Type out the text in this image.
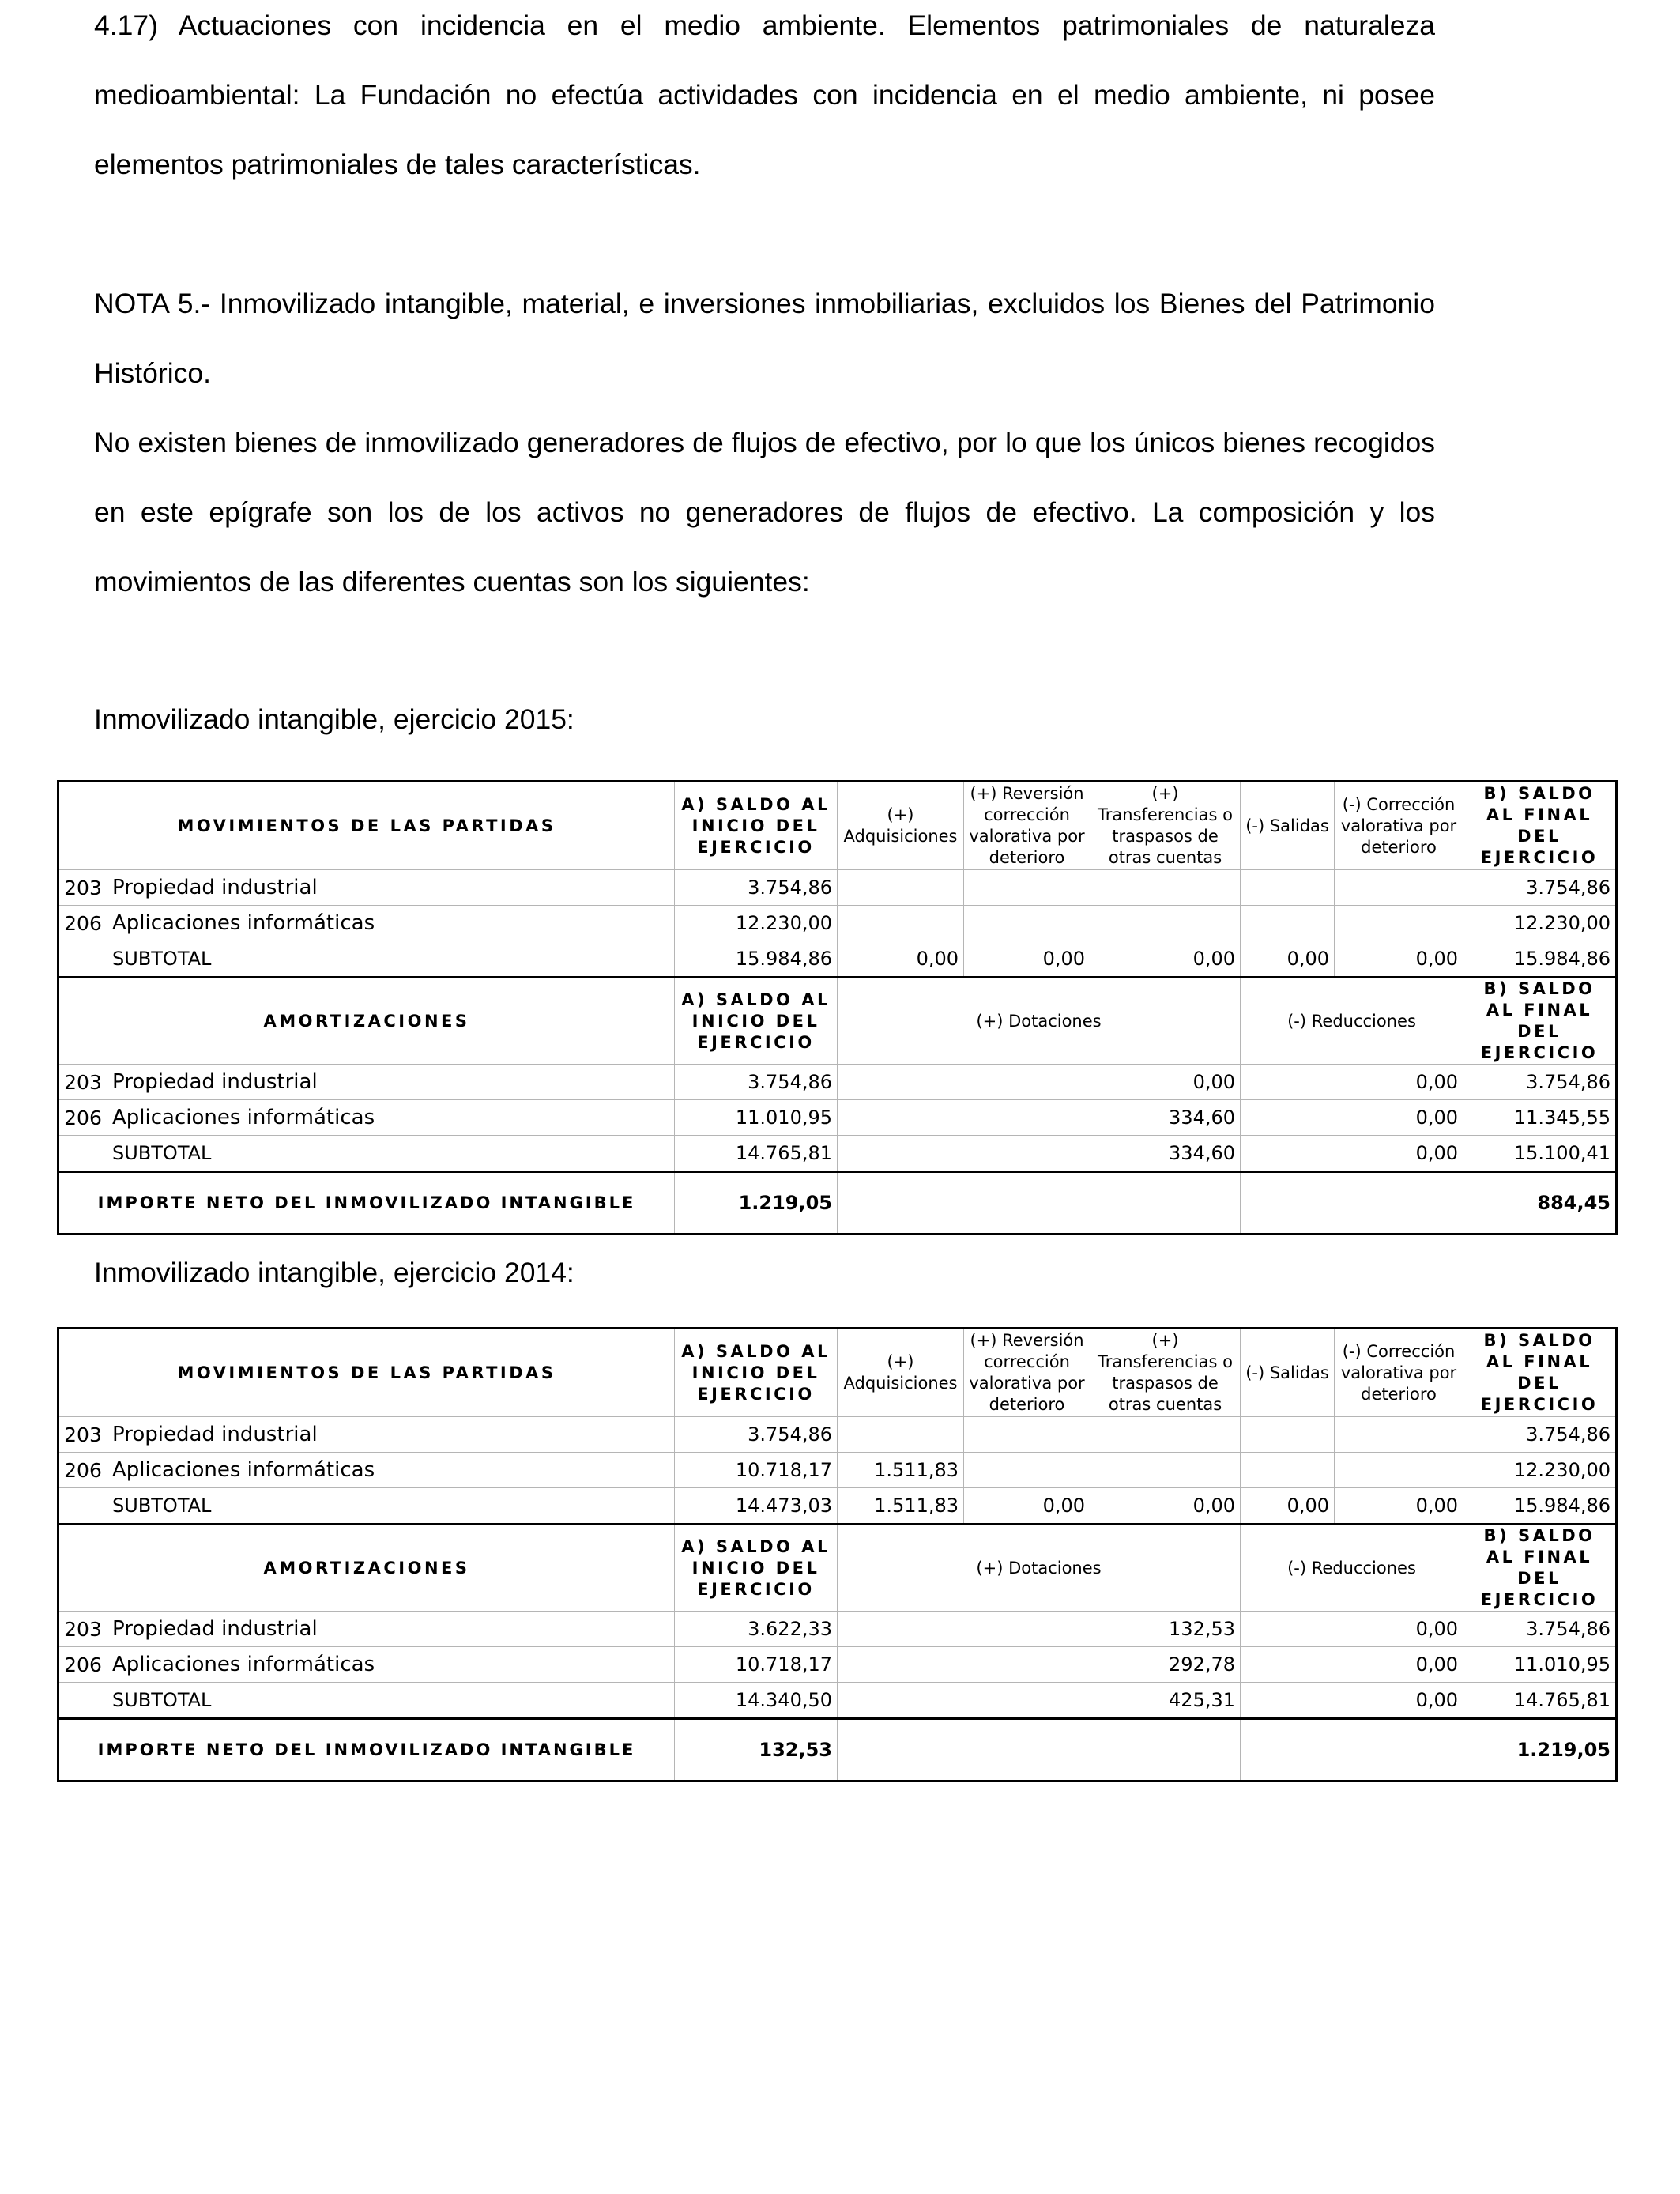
4.17) Actuaciones con incidencia en el medio ambiente. Elementos patrimoniales de naturaleza medioambiental: La Fundación no efectúa actividades con incidencia en el medio ambiente, ni posee elementos patrimoniales de tales características.

NOTA 5.- Inmovilizado intangible, material, e inversiones inmobiliarias, excluidos los Bienes del Patrimonio Histórico.

No existen bienes de inmovilizado generadores de flujos de efectivo, por lo que los únicos bienes recogidos en este epígrafe son los de los activos no generadores de flujos de efectivo. La composición y los movimientos de las diferentes cuentas son los siguientes:

Inmovilizado intangible, ejercicio 2015:
MOVIMIENTOS DE LAS PARTIDAS		A) SALDO AL INICIO DEL EJERCICIO	(+) Adquisiciones	(+) Reversión corrección valorativa por deterioro	(+) Transferencias o traspasos de otras cuentas	(-) Salidas	(-) Corrección valorativa por deterioro	B) SALDO AL FINAL DEL EJERCICIO
203	Propiedad industrial	3.754,86						3.754,86
206	Aplicaciones informáticas	12.230,00						12.230,00
	SUBTOTAL	15.984,86	0,00	0,00	0,00	0,00	0,00	15.984,86
AMORTIZACIONES		A) SALDO AL INICIO DEL EJERCICIO	(+) Dotaciones			(-) Reducciones		B) SALDO AL FINAL DEL EJERCICIO
203	Propiedad industrial	3.754,86	0,00			0,00		3.754,86
206	Aplicaciones informáticas	11.010,95	334,60			0,00		11.345,55
	SUBTOTAL	14.765,81	334,60			0,00		15.100,41
IMPORTE NETO DEL INMOVILIZADO INTANGIBLE		1.219,05						884,45
Inmovilizado intangible, ejercicio 2014:
MOVIMIENTOS DE LAS PARTIDAS		A) SALDO AL INICIO DEL EJERCICIO	(+) Adquisiciones	(+) Reversión corrección valorativa por deterioro	(+) Transferencias o traspasos de otras cuentas	(-) Salidas	(-) Corrección valorativa por deterioro	B) SALDO AL FINAL DEL EJERCICIO
203	Propiedad industrial	3.754,86						3.754,86
206	Aplicaciones informáticas	10.718,17	1.511,83					12.230,00
	SUBTOTAL	14.473,03	1.511,83	0,00	0,00	0,00	0,00	15.984,86
AMORTIZACIONES		A) SALDO AL INICIO DEL EJERCICIO	(+) Dotaciones			(-) Reducciones		B) SALDO AL FINAL DEL EJERCICIO
203	Propiedad industrial	3.622,33	132,53			0,00		3.754,86
206	Aplicaciones informáticas	10.718,17	292,78			0,00		11.010,95
	SUBTOTAL	14.340,50	425,31			0,00		14.765,81
IMPORTE NETO DEL INMOVILIZADO INTANGIBLE		132,53						1.219,05
